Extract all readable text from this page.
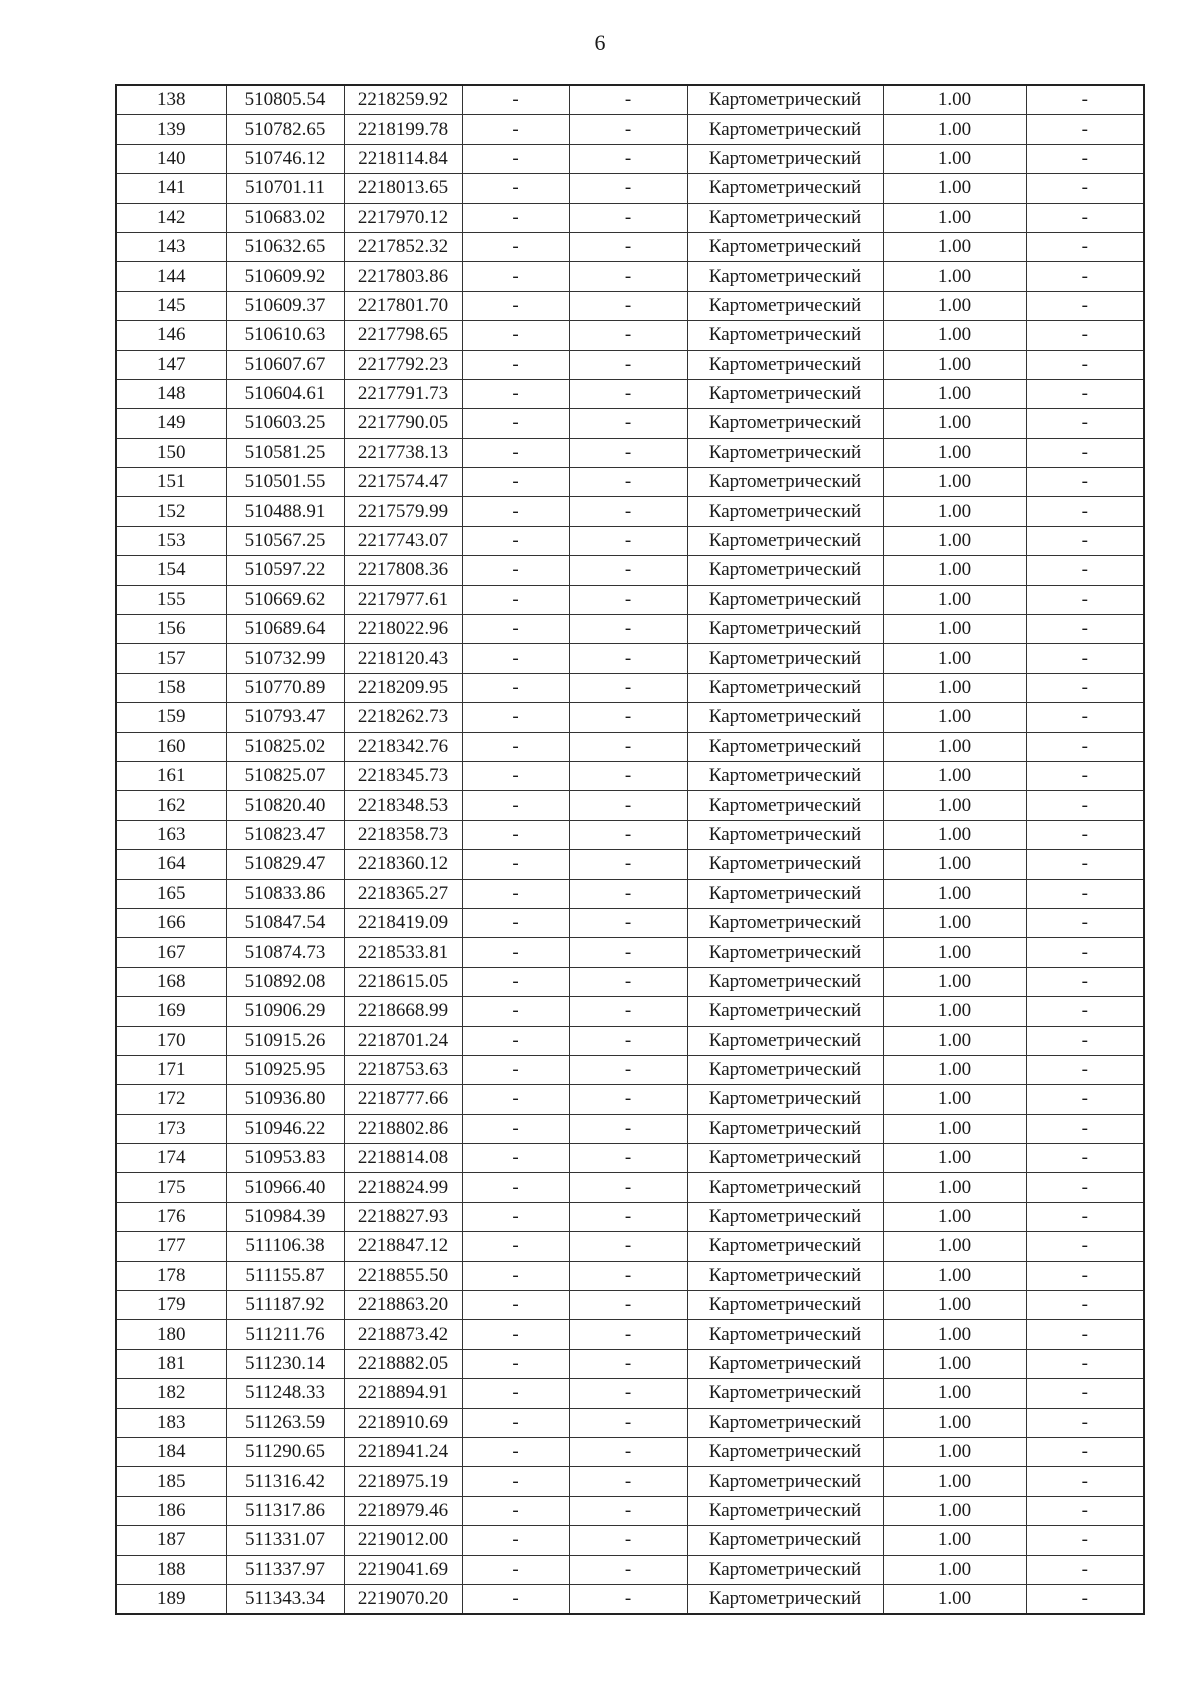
6
138	510805.54	2218259.92	-	-	Картометрический	1.00	-
139	510782.65	2218199.78	-	-	Картометрический	1.00	-
140	510746.12	2218114.84	-	-	Картометрический	1.00	-
141	510701.11	2218013.65	-	-	Картометрический	1.00	-
142	510683.02	2217970.12	-	-	Картометрический	1.00	-
143	510632.65	2217852.32	-	-	Картометрический	1.00	-
144	510609.92	2217803.86	-	-	Картометрический	1.00	-
145	510609.37	2217801.70	-	-	Картометрический	1.00	-
146	510610.63	2217798.65	-	-	Картометрический	1.00	-
147	510607.67	2217792.23	-	-	Картометрический	1.00	-
148	510604.61	2217791.73	-	-	Картометрический	1.00	-
149	510603.25	2217790.05	-	-	Картометрический	1.00	-
150	510581.25	2217738.13	-	-	Картометрический	1.00	-
151	510501.55	2217574.47	-	-	Картометрический	1.00	-
152	510488.91	2217579.99	-	-	Картометрический	1.00	-
153	510567.25	2217743.07	-	-	Картометрический	1.00	-
154	510597.22	2217808.36	-	-	Картометрический	1.00	-
155	510669.62	2217977.61	-	-	Картометрический	1.00	-
156	510689.64	2218022.96	-	-	Картометрический	1.00	-
157	510732.99	2218120.43	-	-	Картометрический	1.00	-
158	510770.89	2218209.95	-	-	Картометрический	1.00	-
159	510793.47	2218262.73	-	-	Картометрический	1.00	-
160	510825.02	2218342.76	-	-	Картометрический	1.00	-
161	510825.07	2218345.73	-	-	Картометрический	1.00	-
162	510820.40	2218348.53	-	-	Картометрический	1.00	-
163	510823.47	2218358.73	-	-	Картометрический	1.00	-
164	510829.47	2218360.12	-	-	Картометрический	1.00	-
165	510833.86	2218365.27	-	-	Картометрический	1.00	-
166	510847.54	2218419.09	-	-	Картометрический	1.00	-
167	510874.73	2218533.81	-	-	Картометрический	1.00	-
168	510892.08	2218615.05	-	-	Картометрический	1.00	-
169	510906.29	2218668.99	-	-	Картометрический	1.00	-
170	510915.26	2218701.24	-	-	Картометрический	1.00	-
171	510925.95	2218753.63	-	-	Картометрический	1.00	-
172	510936.80	2218777.66	-	-	Картометрический	1.00	-
173	510946.22	2218802.86	-	-	Картометрический	1.00	-
174	510953.83	2218814.08	-	-	Картометрический	1.00	-
175	510966.40	2218824.99	-	-	Картометрический	1.00	-
176	510984.39	2218827.93	-	-	Картометрический	1.00	-
177	511106.38	2218847.12	-	-	Картометрический	1.00	-
178	511155.87	2218855.50	-	-	Картометрический	1.00	-
179	511187.92	2218863.20	-	-	Картометрический	1.00	-
180	511211.76	2218873.42	-	-	Картометрический	1.00	-
181	511230.14	2218882.05	-	-	Картометрический	1.00	-
182	511248.33	2218894.91	-	-	Картометрический	1.00	-
183	511263.59	2218910.69	-	-	Картометрический	1.00	-
184	511290.65	2218941.24	-	-	Картометрический	1.00	-
185	511316.42	2218975.19	-	-	Картометрический	1.00	-
186	511317.86	2218979.46	-	-	Картометрический	1.00	-
187	511331.07	2219012.00	-	-	Картометрический	1.00	-
188	511337.97	2219041.69	-	-	Картометрический	1.00	-
189	511343.34	2219070.20	-	-	Картометрический	1.00	-
